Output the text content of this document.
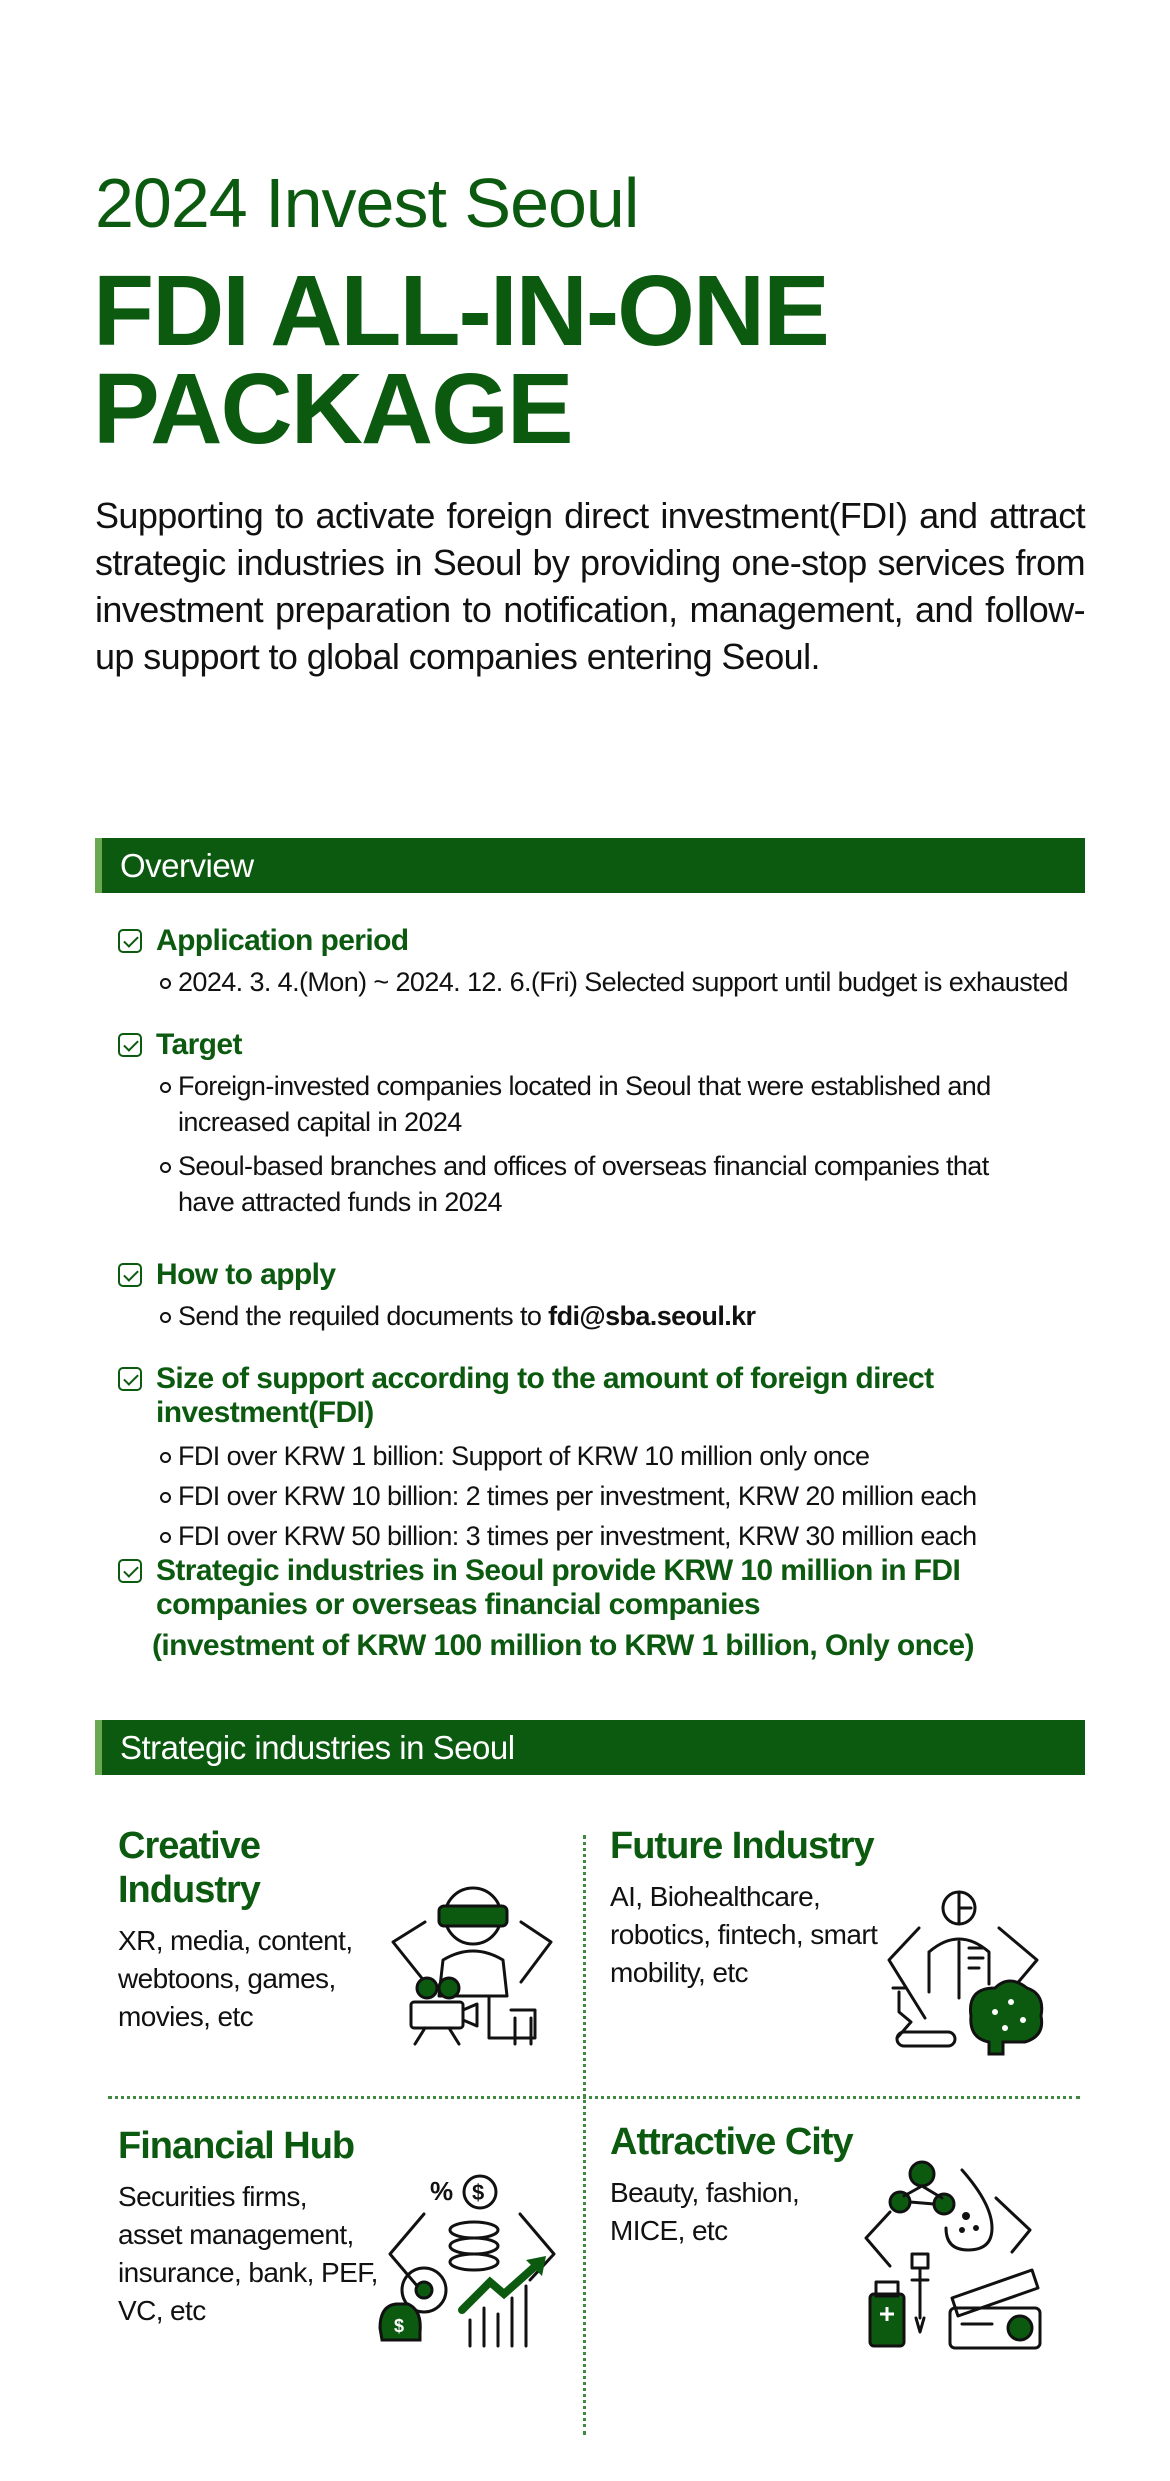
2024 Invest Seoul
FDI ALL-IN-ONE
PACKAGE

Supporting to activate foreign direct investment(FDI) and attract strategic industries in Seoul by providing one-stop services from investment preparation to notification, management, and follow-up support to global companies entering Seoul.

Overview
Application period
2024. 3. 4.(Mon) ~ 2024. 12. 6.(Fri) Selected support until budget is exhausted
Target
Foreign-invested companies located in Seoul that were established and increased capital in 2024
Seoul-based branches and offices of overseas financial companies that have attracted funds in 2024
How to apply
Send the requiled documents to fdi@sba.seoul.kr
Size of support according to the amount of foreign direct investment(FDI)
FDI over KRW 1 billion: Support of KRW 10 million only once
FDI over KRW 10 billion: 2 times per investment, KRW 20 million each
FDI over KRW 50 billion: 3 times per investment, KRW 30 million each
Strategic industries in Seoul provide KRW 10 million in FDI companies or overseas financial companies
(investment of KRW 100 million to KRW 1 billion, Only once)
Strategic industries in Seoul
Creative Industry
XR, media, content, webtoons, games, movies, etc
Future Industry
AI, Biohealthcare, robotics, fintech, smart mobility, etc
Financial Hub
Securities firms, asset management, insurance, bank, PEF, VC, etc
% $
$
Attractive City
Beauty, fashion, MICE, etc
